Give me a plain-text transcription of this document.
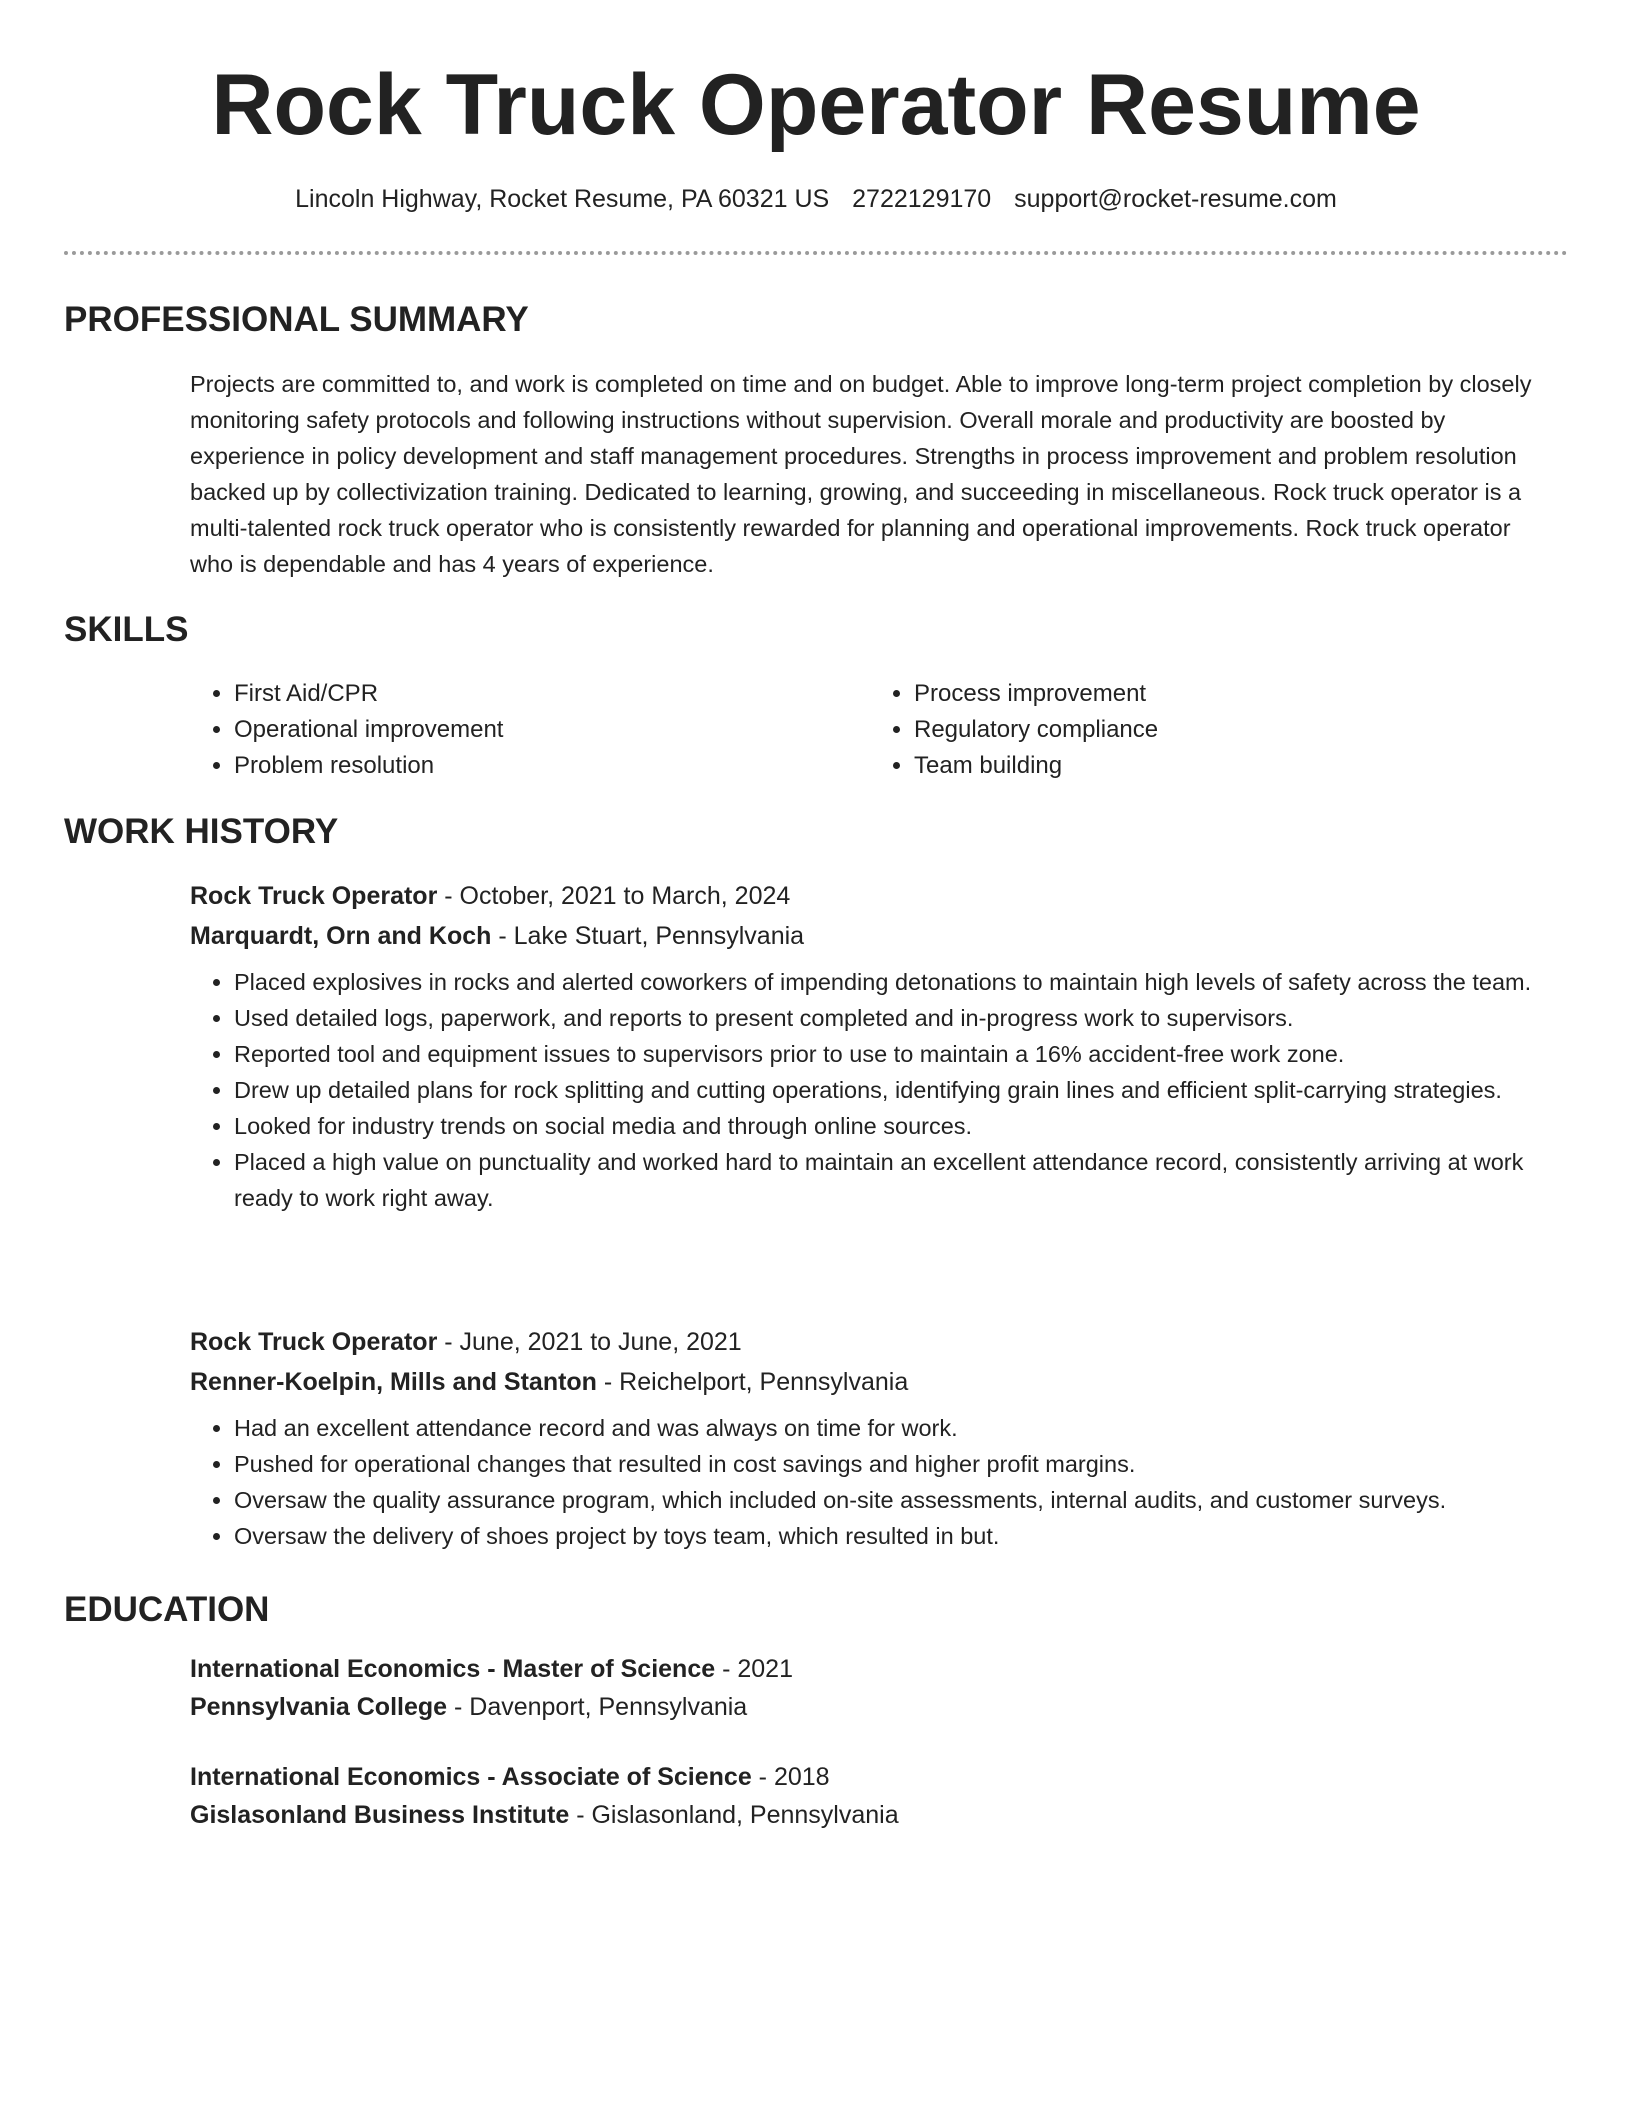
Rock Truck Operator Resume
Lincoln Highway, Rocket Resume, PA 60321 US 2722129170 support@rocket-resume.com
PROFESSIONAL SUMMARY

Projects are committed to, and work is completed on time and on budget. Able to improve long-term project completion by closely monitoring safety protocols and following instructions without supervision. Overall morale and productivity are boosted by experience in policy development and staff management procedures. Strengths in process improvement and problem resolution backed up by collectivization training. Dedicated to learning, growing, and succeeding in miscellaneous. Rock truck operator is a multi-talented rock truck operator who is consistently rewarded for planning and operational improvements. Rock truck operator who is dependable and has 4 years of experience.

SKILLS
• First Aid/CPR
• Operational improvement
• Problem resolution
• Process improvement
• Regulatory compliance
• Team building
WORK HISTORY
Rock Truck Operator - October, 2021 to March, 2024
Marquardt, Orn and Koch - Lake Stuart, Pennsylvania
• Placed explosives in rocks and alerted coworkers of impending detonations to maintain high levels of safety across the team.
• Used detailed logs, paperwork, and reports to present completed and in-progress work to supervisors.
• Reported tool and equipment issues to supervisors prior to use to maintain a 16% accident-free work zone.
• Drew up detailed plans for rock splitting and cutting operations, identifying grain lines and efficient split-carrying strategies.
• Looked for industry trends on social media and through online sources.
• Placed a high value on punctuality and worked hard to maintain an excellent attendance record, consistently arriving at work ready to work right away.
Rock Truck Operator - June, 2021 to June, 2021
Renner-Koelpin, Mills and Stanton - Reichelport, Pennsylvania
• Had an excellent attendance record and was always on time for work.
• Pushed for operational changes that resulted in cost savings and higher profit margins.
• Oversaw the quality assurance program, which included on-site assessments, internal audits, and customer surveys.
• Oversaw the delivery of shoes project by toys team, which resulted in but.
EDUCATION
International Economics - Master of Science - 2021
Pennsylvania College - Davenport, Pennsylvania
International Economics - Associate of Science - 2018
Gislasonland Business Institute - Gislasonland, Pennsylvania
